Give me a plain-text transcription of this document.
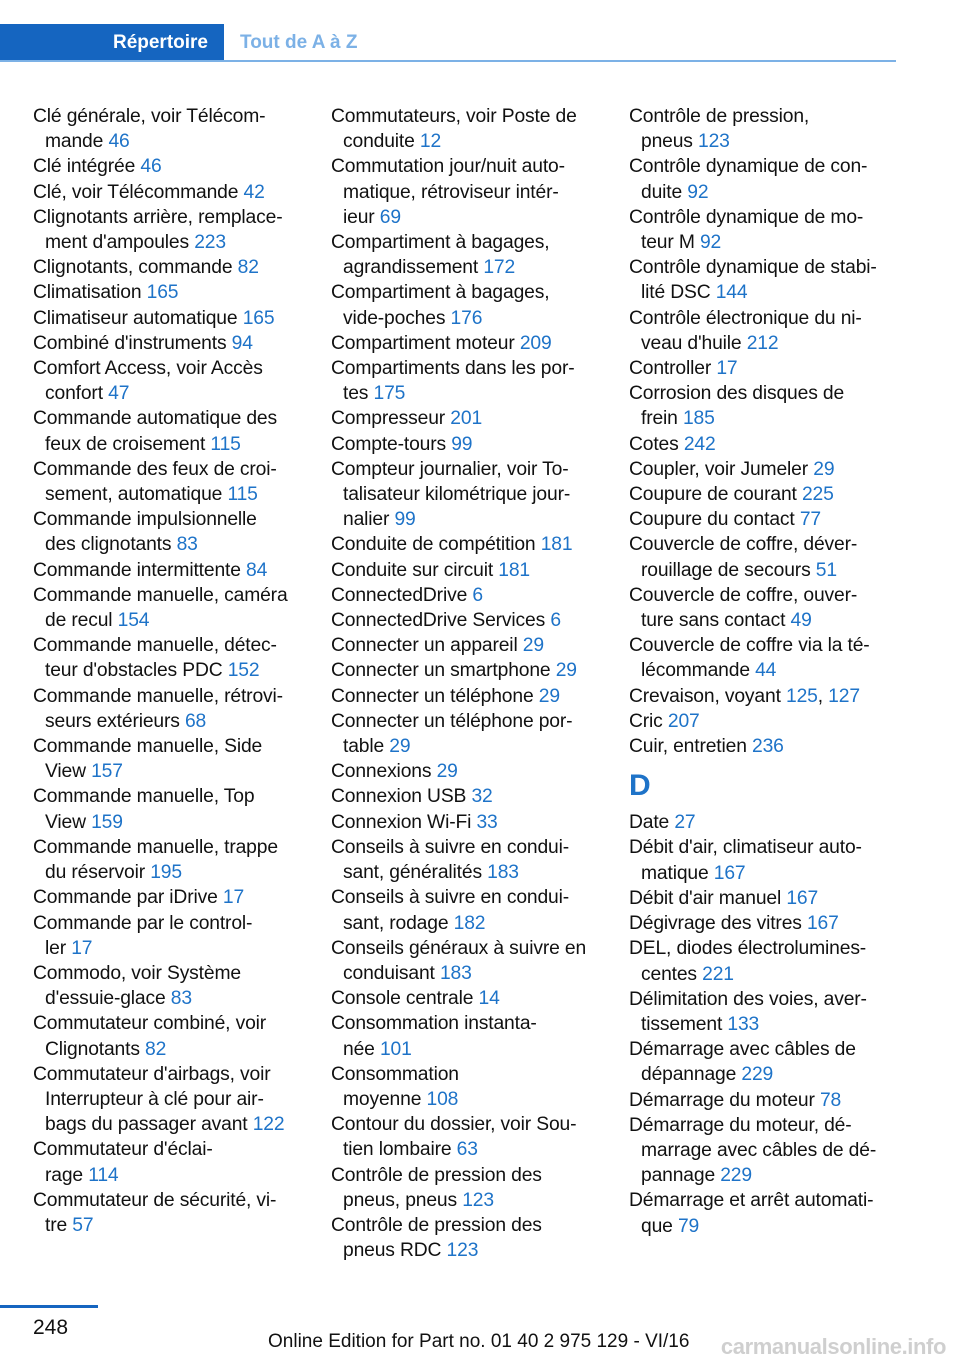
Répertoire	Tout de A à Z
Clé générale, voir Télécom-
mande 46
Clé intégrée 46
Clé, voir Télécommande 42
Clignotants arrière, remplace-
ment d'ampoules 223
Clignotants, commande 82
Climatisation 165
Climatiseur automatique 165
Combiné d'instruments 94
Comfort Access, voir Accès
confort 47
Commande automatique des
feux de croisement 115
Commande des feux de croi-
sement, automatique 115
Commande impulsionnelle
des clignotants 83
Commande intermittente 84
Commande manuelle, caméra
de recul 154
Commande manuelle, détec-
teur d'obstacles PDC 152
Commande manuelle, rétrovi-
seurs extérieurs 68
Commande manuelle, Side
View 157
Commande manuelle, Top
View 159
Commande manuelle, trappe
du réservoir 195
Commande par iDrive 17
Commande par le control-
ler 17
Commodo, voir Système
d'essuie-glace 83
Commutateur combiné, voir
Clignotants 82
Commutateur d'airbags, voir
Interrupteur à clé pour air-
bags du passager avant 122
Commutateur d'éclai-
rage 114
Commutateur de sécurité, vi-
tre 57
Commutateurs, voir Poste de
conduite 12
Commutation jour/nuit auto-
matique, rétroviseur intér-
ieur 69
Compartiment à bagages,
agrandissement 172
Compartiment à bagages,
vide-poches 176
Compartiment moteur 209
Compartiments dans les por-
tes 175
Compresseur 201
Compte-tours 99
Compteur journalier, voir To-
talisateur kilométrique jour-
nalier 99
Conduite de compétition 181
Conduite sur circuit 181
ConnectedDrive 6
ConnectedDrive Services 6
Connecter un appareil 29
Connecter un smartphone 29
Connecter un téléphone 29
Connecter un téléphone por-
table 29
Connexions 29
Connexion USB 32
Connexion Wi-Fi 33
Conseils à suivre en condui-
sant, généralités 183
Conseils à suivre en condui-
sant, rodage 182
Conseils généraux à suivre en
conduisant 183
Console centrale 14
Consommation instanta-
née 101
Consommation
moyenne 108
Contour du dossier, voir Sou-
tien lombaire 63
Contrôle de pression des
pneus, pneus 123
Contrôle de pression des
pneus RDC 123
Contrôle de pression,
pneus 123
Contrôle dynamique de con-
duite 92
Contrôle dynamique de mo-
teur M 92
Contrôle dynamique de stabi-
lité DSC 144
Contrôle électronique du ni-
veau d'huile 212
Controller 17
Corrosion des disques de
frein 185
Cotes 242
Coupler, voir Jumeler 29
Coupure de courant 225
Coupure du contact 77
Couvercle de coffre, déver-
rouillage de secours 51
Couvercle de coffre, ouver-
ture sans contact 49
Couvercle de coffre via la té-
lécommande 44
Crevaison, voyant 125, 127
Cric 207
Cuir, entretien 236
D
Date 27
Débit d'air, climatiseur auto-
matique 167
Débit d'air manuel 167
Dégivrage des vitres 167
DEL, diodes électrolumines-
centes 221
Délimitation des voies, aver-
tissement 133
Démarrage avec câbles de
dépannage 229
Démarrage du moteur 78
Démarrage du moteur, dé-
marrage avec câbles de dé-
pannage 229
Démarrage et arrêt automati-
que 79
248
Online Edition for Part no. 01 40 2 975 129 - VI/16 carmanualsonline.info
